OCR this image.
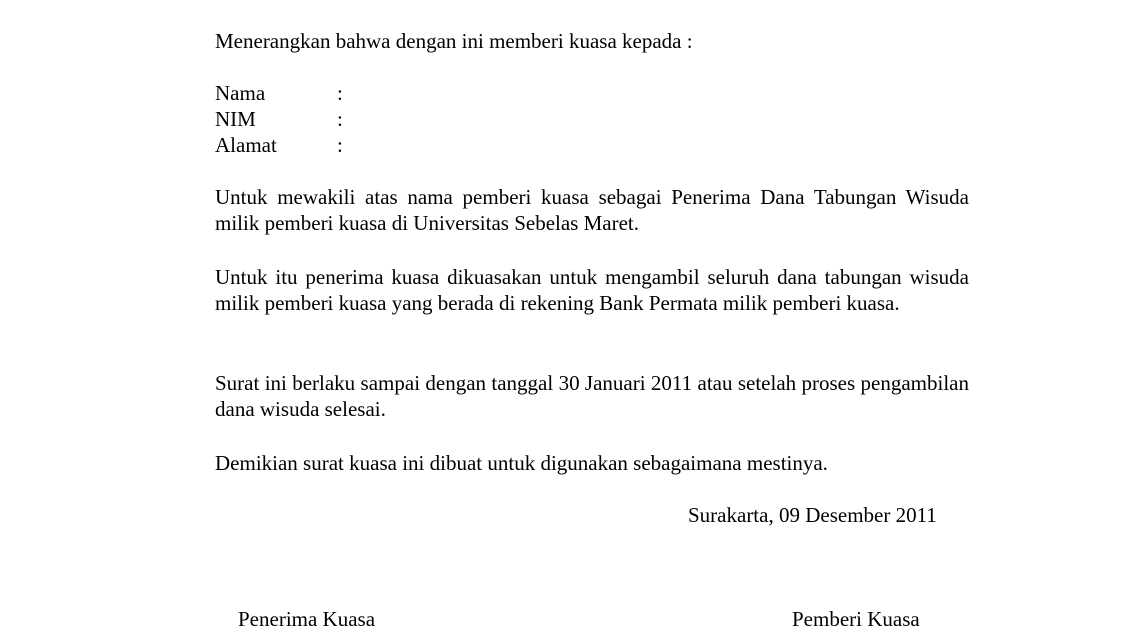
Menerangkan bahwa dengan ini memberi kuasa kepada :
Nama	:
NIM	:
Alamat	:
Untuk mewakili atas nama pemberi kuasa sebagai Penerima Dana Tabungan Wisuda milik pemberi kuasa di Universitas Sebelas Maret.
Untuk itu penerima kuasa dikuasakan untuk mengambil seluruh dana tabungan wisuda milik pemberi kuasa yang berada di rekening Bank Permata milik pemberi kuasa.
Surat ini berlaku sampai dengan tanggal 30 Januari 2011 atau setelah proses pengambilan dana wisuda selesai.
Demikian surat kuasa ini dibuat untuk digunakan sebagaimana mestinya.
Surakarta, 09 Desember 2011
Penerima Kuasa	Pemberi Kuasa
